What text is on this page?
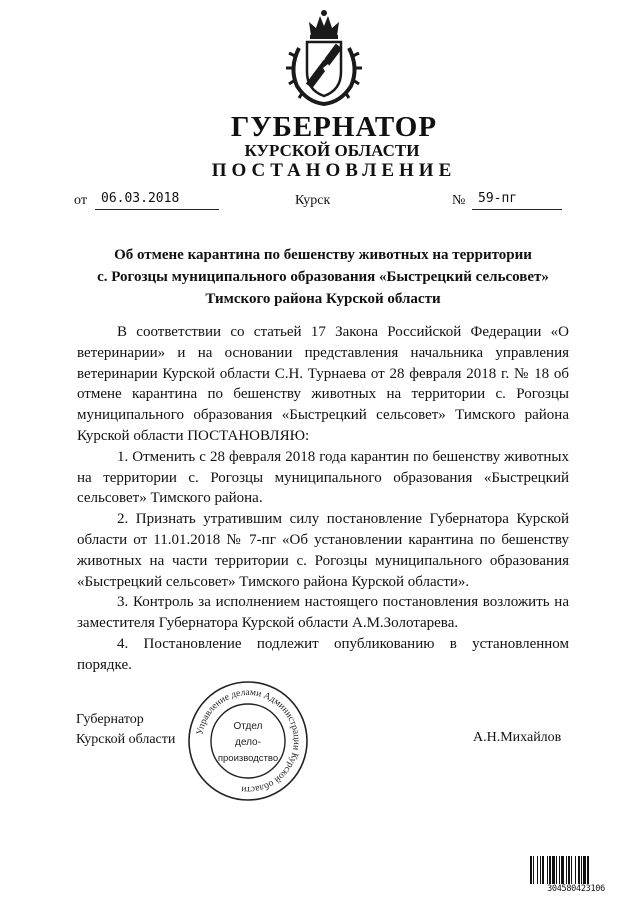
ГУБЕРНАТОР
КУРСКОЙ ОБЛАСТИ
ПОСТАНОВЛЕНИЕ
от 06.03.2018	Курск	№ 59-пг
Об отмене карантина по бешенству животных на территории
с. Рогозцы муниципального образования «Быстрецкий сельсовет»
Тимского района Курской области

В соответствии со статьей 17 Закона Российской Федерации «О ветеринарии» и на основании представления начальника управления ветеринарии Курской области С.Н. Турнаева от 28 февраля 2018 г. № 18 об отмене карантина по бешенству животных на территории с. Рогозцы муниципального образования «Быстрецкий сельсовет» Тимского района Курской области ПОСТАНОВЛЯЮ:

1. Отменить с 28 февраля 2018 года карантин по бешенству животных на территории с. Рогозцы муниципального образования «Быстрецкий сельсовет» Тимского района.

2. Признать утратившим силу постановление Губернатора Курской области от 11.01.2018 № 7-пг «Об установлении карантина по бешенству животных на части территории с. Рогозцы муниципального образования «Быстрецкий сельсовет» Тимского района Курской области».

3. Контроль за исполнением настоящего постановления возложить на заместителя Губернатора Курской области А.М.Золотарева.

4. Постановление подлежит опубликованию в установленном порядке.

Губернатор
Курской области	А.Н.Михайлов
Управление делами Администрации Курской области
Отдел
дело-
производство
304580423106
